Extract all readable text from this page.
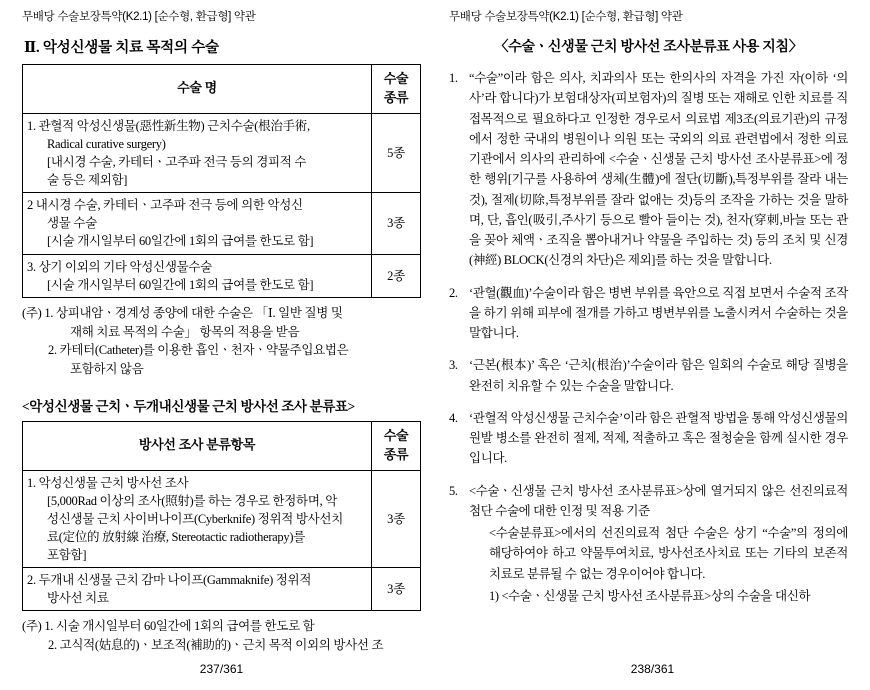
무배당 수술보장특약(K2.1) [순수형, 환급형] 약관
Ⅱ. 악성신생물 치료 목적의 수술
수술 명	수술
종류

1. 관혈적 악성신생물(惡性新生物) 근치수술(根治手術,
Radical curative surgery)
[내시경 수술, 카테터ㆍ고주파 전극 등의 경피적 수
술 등은 제외함]	5종

2 내시경 수술, 카테터ㆍ고주파 전극 등에 의한 악성신
생물 수술
[시술 개시일부터 60일간에 1회의 급여를 한도로 함]	3종

3. 상기 이외의 기타 악성신생물수술
[시술 개시일부터 60일간에 1회의 급여를 한도로 함]	2종
(주) 1. 상피내암ㆍ경계성 종양에 대한 수술은 「Ⅰ. 일반 질병 및
재해 치료 목적의 수술」 항목의 적용을 받음
2. 카테터(Catheter)를 이용한 흡인ㆍ천자ㆍ약물주입요법은
포함하지 않음
<악성신생물 근치ㆍ두개내신생물 근치 방사선 조사 분류표>
방사선 조사 분류항목	수술
종류

1. 악성신생물 근치 방사선 조사
[5,000Rad 이상의 조사(照射)를 하는 경우로 한정하며, 악
성신생물 근치 사이버나이프(Cyberknife) 정위적 방사선치
료(定位的 放射線 治療, Stereotactic radiotherapy)를
포함함]	3종

2. 두개내 신생물 근치 감마 나이프(Gammaknife) 정위적
방사선 치료	3종
(주) 1. 시술 개시일부터 60일간에 1회의 급여를 한도로 함
2. 고식적(姑息的)ㆍ보조적(補助的)ㆍ근치 목적 이외의 방사선 조
237/361
무배당 수술보장특약(K2.1) [순수형, 환급형] 약관
〈수술ㆍ신생물 근치 방사선 조사분류표 사용 지침〉
1. “수술”이라 함은 의사, 치과의사 또는 한의사의 자격을 가진 자(이하 ‘의사’라 합니다)가 보험대상자(피보험자)의 질병 또는 재해로 인한 치료를 직접목적으로 필요하다고 인정한 경우로서 의료법 제3조(의료기관)의 규정에서 정한 국내의 병원이나 의원 또는 국외의 의료 관련법에서 정한 의료기관에서 의사의 관리하에 <수술ㆍ신생물 근치 방사선 조사분류표>에 정한 행위[기구를 사용하여 생체(生體)에 절단(切斷),특정부위를 잘라 내는것), 절제(切除,특정부위를 잘라 없애는 것)등의 조작을 가하는 것을 말하며, 단, 흡인(吸引,주사기 등으로 빨아 들이는 것), 천자(穿刺,바늘 또는 관을 꽂아 체액ㆍ조직을 뽑아내거나 약물을 주입하는 것) 등의 조치 및 신경(神經) BLOCK(신경의 차단)은 제외]를 하는 것을 말합니다.
2. ‘관혈(觀血)’수술이라 함은 병변 부위를 육안으로 직접 보면서 수술적 조작을 하기 위해 피부에 절개를 가하고 병변부위를 노출시켜서 수술하는 것을 말합니다.
3. ‘근본(根本)’ 혹은 ‘근치(根治)’수술이라 함은 일회의 수술로 해당 질병을 완전히 치유할 수 있는 수술을 말합니다.
4. ‘관혈적 악성신생물 근치수술’이라 함은 관혈적 방법을 통해 악성신생물의 원발 병소를 완전히 절제, 적제, 적출하고 혹은 절청술을 함께 실시한 경우입니다.
5. <수술ㆍ신생물 근치 방사선 조사분류표>상에 열거되지 않은 선진의료적 첨단 수술에 대한 인정 및 적용 기준
<수술분류표>에서의 선진의료적 첨단 수술은 상기 “수술”의 정의에 해당하여야 하고 약물투여치료, 방사선조사치료 또는 기타의 보존적 치료로 분류될 수 없는 경우이어야 합니다.
1) <수술ㆍ신생물 근치 방사선 조사분류표>상의 수술을 대신하
238/361
